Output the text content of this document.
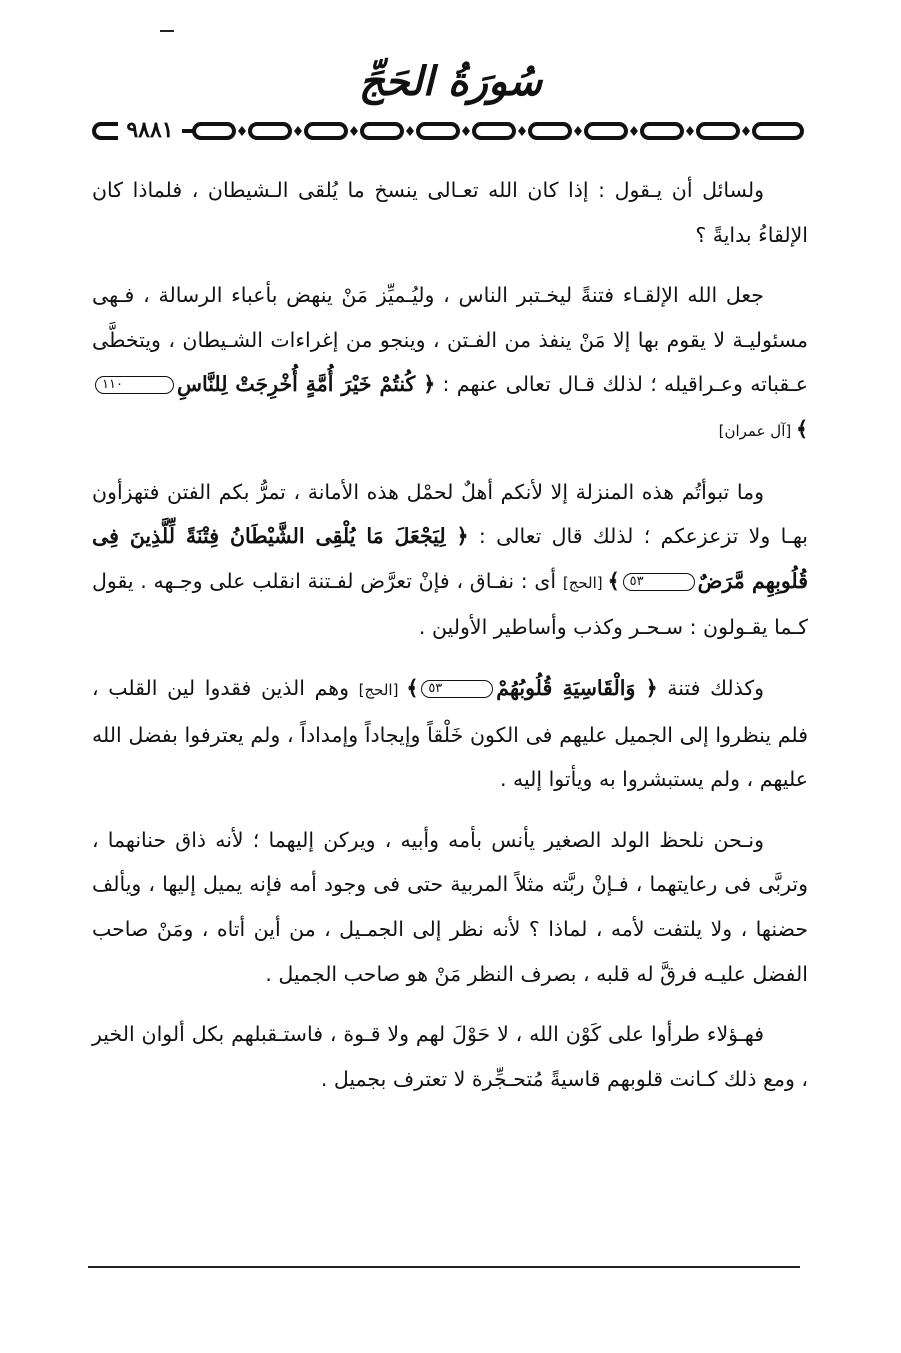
سُورَةُ الحَجِّ
٩٨٨١

ولسائل أن يـقول : إذا كان الله تعـالى ينسخ ما يُلقى الـشيطان ، فلماذا كان الإلقاءُ بدايةً ؟

جعل الله الإلقـاء فتنةً ليخـتبر الناس ، وليُـميِّز مَنْ ينهض بأعباء الرسالة ، فـهى مسئوليـة لا يقوم بها إلا مَنْ ينفذ من الفـتن ، وينجو من إغراءات الشـيطان ، ويتخطَّى عـقباته وعـراقيله ؛ لذلك قـال تعالى عنهم : ﴿ كُنتُمْ خَيْرَ أُمَّةٍ أُخْرِجَتْ لِلنَّاسِ١١٠﴾ [آل عمران]

وما تبوأتُم هذه المنزلة إلا لأنكم أهلٌ لحمْل هذه الأمانة ، تمرُّ بكم الفتن فتهزأون بهـا ولا تزعزعكم ؛ لذلك قال تعالى : ﴿ لِيَجْعَلَ مَا يُلْقِى الشَّيْطَانُ فِتْنَةً لِّلَّذِينَ فِى قُلُوبِهِم مَّرَضٌ٥٣﴾ [الحج] أى : نفـاق ، فإنْ تعرَّض لفـتنة انقلب على وجـهه . يقول كـما يقـولون : سـحـر وكذب وأساطير الأولين .

وكذلك فتنة ﴿ وَالْقَاسِيَةِ قُلُوبُهُمْ٥٣﴾ [الحج] وهم الذين فقدوا لين القلب ، فلم ينظروا إلى الجميل عليهم فى الكون خَلْقاً وإيجاداً وإمداداً ، ولم يعترفوا بفضل الله عليهم ، ولم يستبشروا به ويأتوا إليه .

ونـحن نلحظ الولد الصغير يأنس بأمه وأبيه ، ويركن إليهما ؛ لأنه ذاق حنانهما ، وتربَّى فى رعايتهما ، فـإنْ ربَّته مثلاً المربية حتى فى وجود أمه فإنه يميل إليها ، ويألف حضنها ، ولا يلتفت لأمه ، لماذا ؟ لأنه نظر إلى الجمـيل ، من أين أتاه ، ومَنْ صاحب الفضل عليـه فرقَّ له قلبه ، بصرف النظر مَنْ هو صاحب الجميل .

فهـؤلاء طرأوا على كَوْن الله ، لا حَوْلَ لهم ولا قـوة ، فاستـقبلهم بكل ألوان الخير ، ومع ذلك كـانت قلوبهم قاسيةً مُتحـجِّرة لا تعترف بجميل .
